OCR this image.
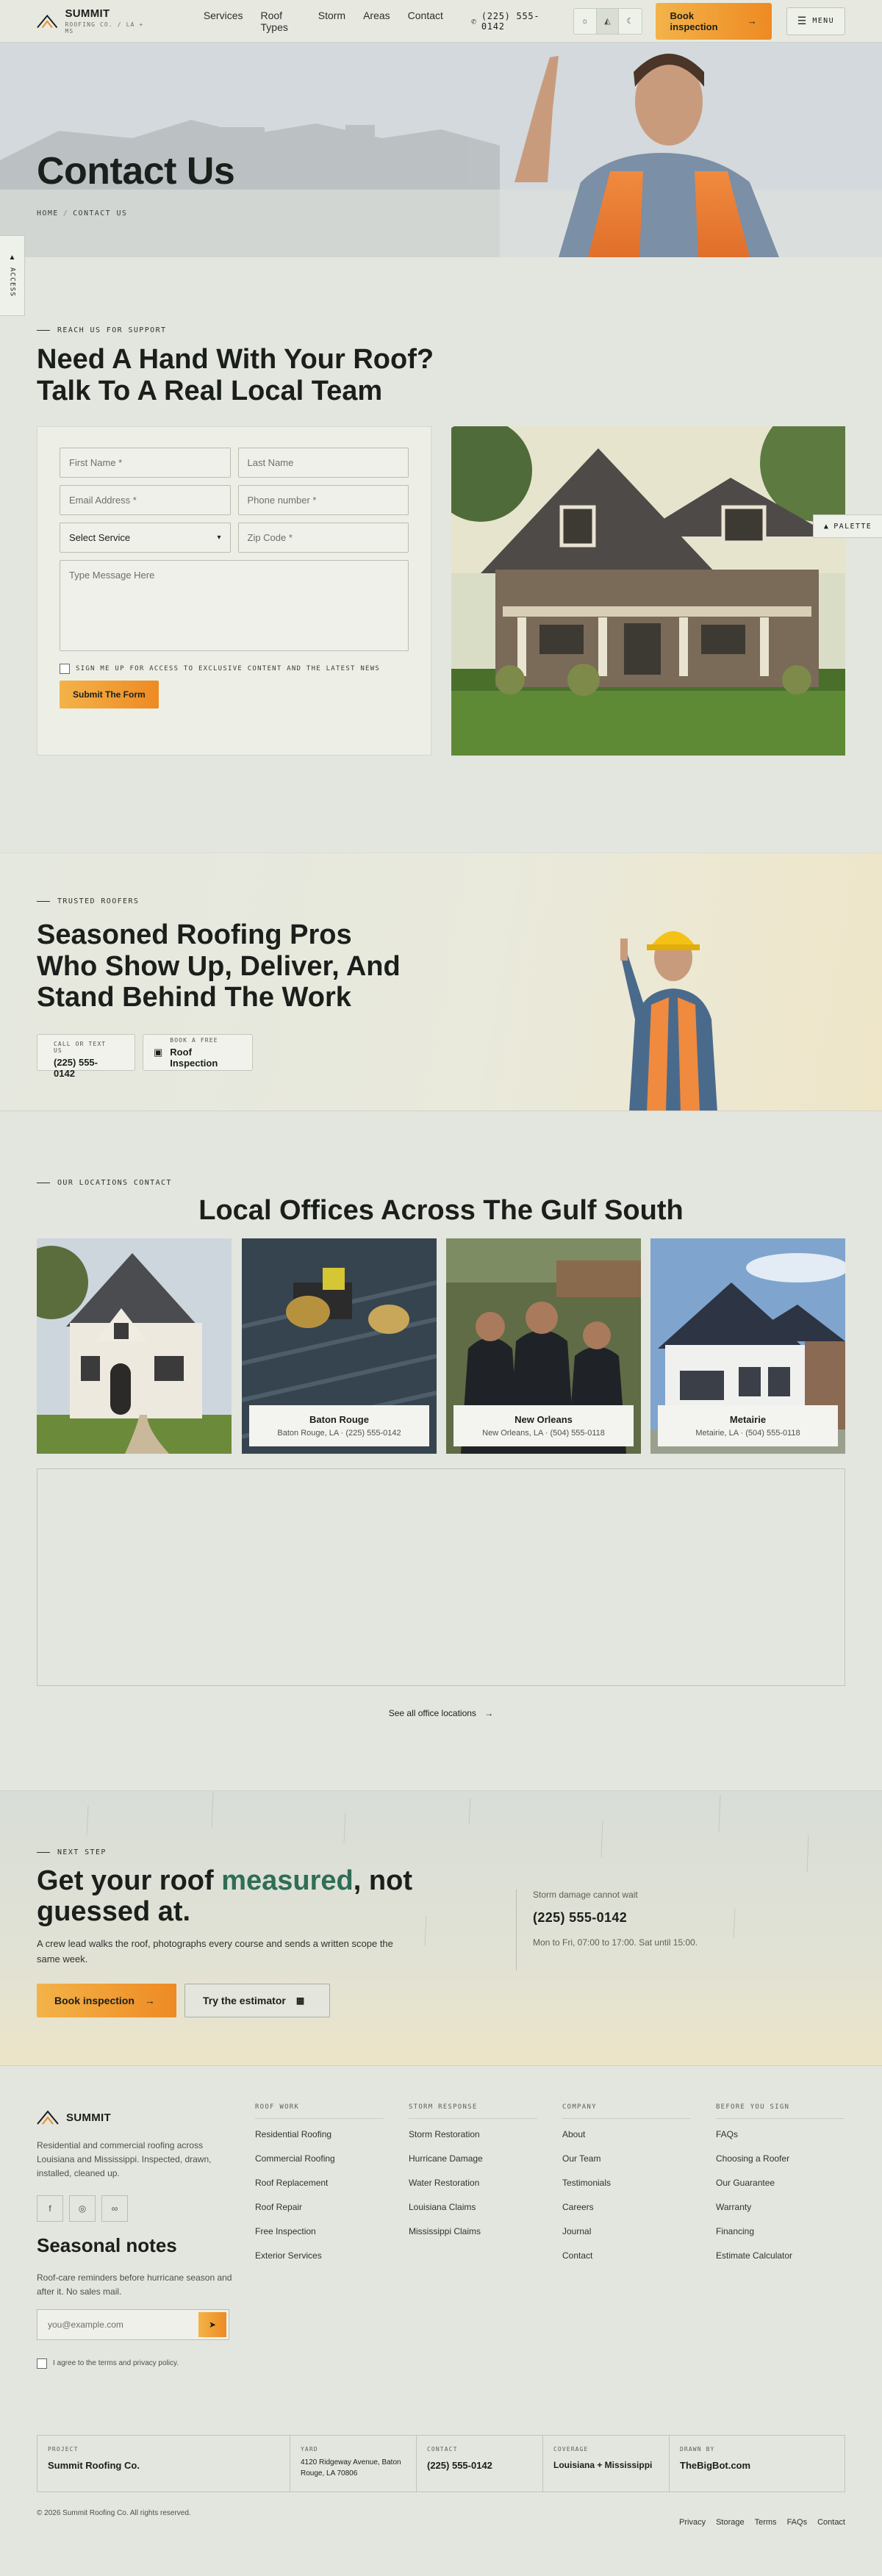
SUMMIT
ROOFING CO. / LA + MS
Services Roof Types
Storm Areas Contact	✆ (225) 555-0142	☼	◭	☾
Book inspection	→	☰ MENU
Contact Us
HOME / CONTACT US
▲
ACCESS
▲ PALETTE
REACH US FOR SUPPORT
Need A Hand With Your Roof? Talk To A Real Local Team
First Name *	Last Name
Email Address *	Phone number *
Select Service	▾	Zip Code *
Type Message Here
SIGN ME UP FOR ACCESS TO EXCLUSIVE CONTENT AND THE LATEST NEWS
Submit The Form
TRUSTED ROOFERS
Seasoned Roofing Pros Who Show Up, Deliver, And Stand Behind The Work
CALL OR TEXT US
(225) 555-0142
▣
BOOK A FREE
Roof Inspection
OUR LOCATIONS CONTACT
Local Offices Across The Gulf South
Baton Rouge
Baton Rouge, LA · (225) 555-0142
New Orleans
New Orleans, LA · (504) 555-0118
Metairie
Metairie, LA · (504) 555-0118
See all office locations →
NEXT STEP
Get your roof measured, not guessed at.

A crew lead walks the roof, photographs every course and sends a written scope the same week.

Book inspection →	Try the estimator ▦
Storm damage cannot wait
(225) 555-0142
Mon to Fri, 07:00 to 17:00. Sat until 15:00.
SUMMIT

Residential and commercial roofing across Louisiana and Mississippi. Inspected, drawn, installed, cleaned up.

f	◎	∞
Seasonal notes

Roof-care reminders before hurricane season and after it. No sales mail.

you@example.com	➤
I agree to the terms and privacy policy.
ROOF WORK
Residential Roofing
Commercial Roofing
Roof Replacement
Roof Repair
Free Inspection
Exterior Services
STORM RESPONSE
Storm Restoration
Hurricane Damage
Water Restoration
Louisiana Claims
Mississippi Claims
COMPANY
About
Our Team
Testimonials
Careers
Journal
Contact
BEFORE YOU SIGN
FAQs
Choosing a Roofer
Our Guarantee
Warranty
Financing
Estimate Calculator
PROJECT
Summit Roofing Co.
YARD
4120 Ridgeway Avenue, Baton Rouge, LA 70806
CONTACT
(225) 555-0142
COVERAGE
Louisiana + Mississippi
DRAWN BY
TheBigBot.com
© 2026 Summit Roofing Co. All rights reserved.
Privacy Storage Terms FAQs Contact
